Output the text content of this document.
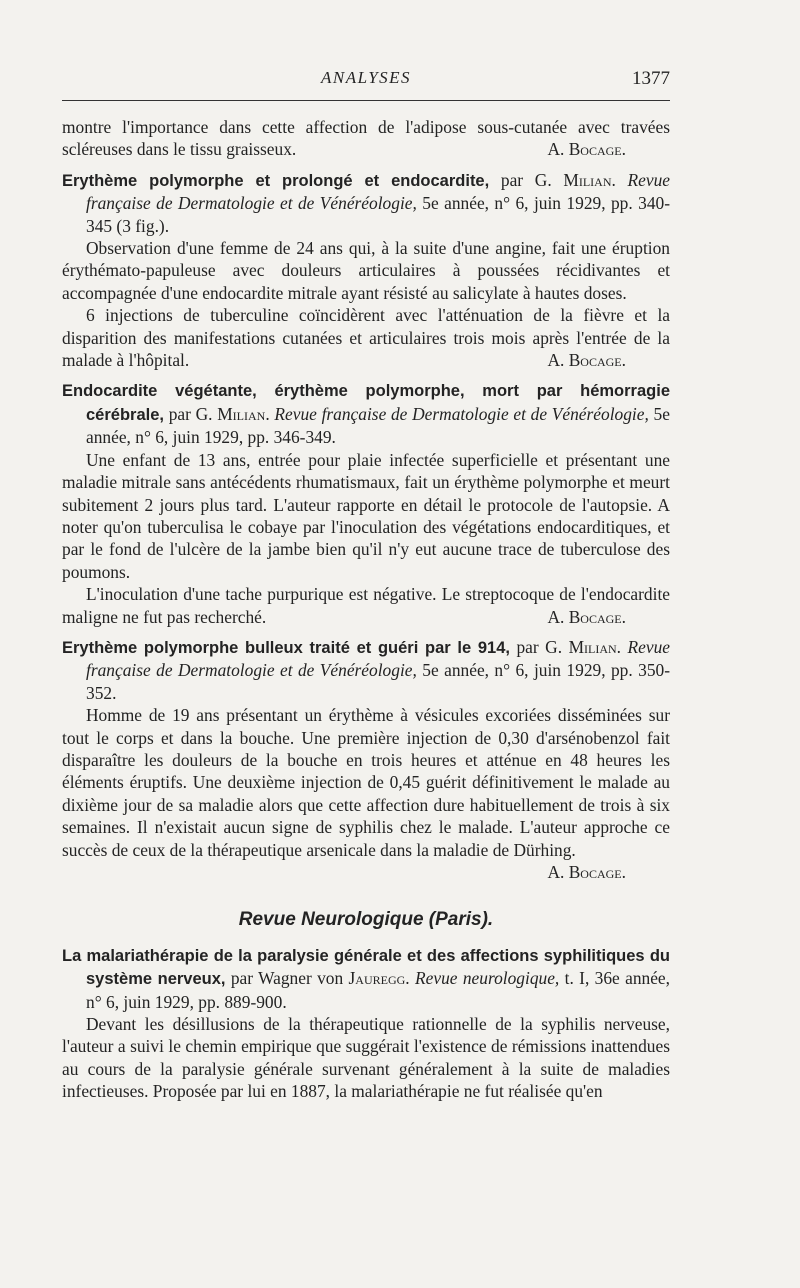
ANALYSES	1377

montre l'importance dans cette affection de l'adipose sous-cutanée avec travées scléreuses dans le tissu graisseux.	A. Bocage.

Erythème polymorphe et prolongé et endocardite, par G. Milian. Revue française de Dermatologie et de Vénéréologie, 5e année, n° 6, juin 1929, pp. 340-345 (3 fig.).

Observation d'une femme de 24 ans qui, à la suite d'une angine, fait une éruption érythémato-papuleuse avec douleurs articulaires à poussées récidivantes et accompagnée d'une endocardite mitrale ayant résisté au salicylate à hautes doses.

6 injections de tuberculine coïncidèrent avec l'atténuation de la fièvre et la disparition des manifestations cutanées et articulaires trois mois après l'entrée de la malade à l'hôpital.	A. Bocage.

Endocardite végétante, érythème polymorphe, mort par hémorragie cérébrale, par G. Milian. Revue française de Dermatologie et de Vénéréologie, 5e année, n° 6, juin 1929, pp. 346-349.

Une enfant de 13 ans, entrée pour plaie infectée superficielle et présentant une maladie mitrale sans antécédents rhumatismaux, fait un érythème polymorphe et meurt subitement 2 jours plus tard. L'auteur rapporte en détail le protocole de l'autopsie. A noter qu'on tuberculisa le cobaye par l'inoculation des végétations endocarditiques, et par le fond de l'ulcère de la jambe bien qu'il n'y eut aucune trace de tuberculose des poumons.

L'inoculation d'une tache purpurique est négative. Le streptocoque de l'endocardite maligne ne fut pas recherché.	A. Bocage.

Erythème polymorphe bulleux traité et guéri par le 914, par G. Milian. Revue française de Dermatologie et de Vénéréologie, 5e année, n° 6, juin 1929, pp. 350-352.

Homme de 19 ans présentant un érythème à vésicules excoriées disséminées sur tout le corps et dans la bouche. Une première injection de 0,30 d'arsénobenzol fait disparaître les douleurs de la bouche en trois heures et atténue en 48 heures les éléments éruptifs. Une deuxième injection de 0,45 guérit définitivement le malade au dixième jour de sa maladie alors que cette affection dure habituellement de trois à six semaines. Il n'existait aucun signe de syphilis chez le malade. L'auteur approche ce succès de ceux de la thérapeutique arsenicale dans la maladie de Dürhing.
A. Bocage.

Revue Neurologique (Paris).

La malariathérapie de la paralysie générale et des affections syphilitiques du système nerveux, par Wagner von Jauregg. Revue neurologique, t. I, 36e année, n° 6, juin 1929, pp. 889-900.

Devant les désillusions de la thérapeutique rationnelle de la syphilis nerveuse, l'auteur a suivi le chemin empirique que suggérait l'existence de rémissions inattendues au cours de la paralysie générale survenant généralement à la suite de maladies infectieuses. Proposée par lui en 1887, la malariathérapie ne fut réalisée qu'en
